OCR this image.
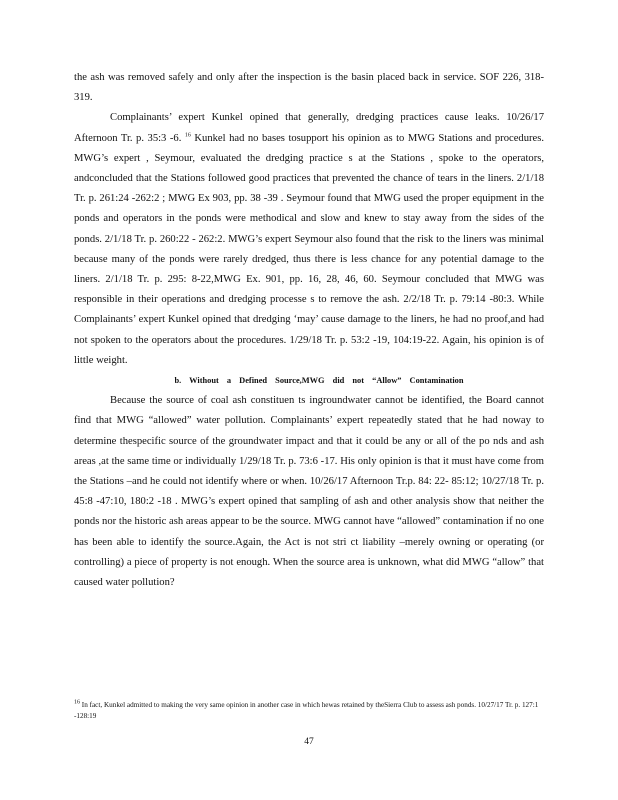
the ash was removed safely and only after the inspection is the basin placed back in service. SOF 226, 318-319.

Complainants’ expert Kunkel opined that generally, dredging practices cause leaks. 10/26/17 Afternoon Tr. p. 35:3 -6. $^{16}$ Kunkel had no bases tosupport his opinion as to MWG Stations and procedures. MWG’s expert , Seymour, evaluated the dredging practice s at the Stations , spoke to the operators, andconcluded that the Stations followed good practices that prevented the chance of tears in the liners. 2/1/18 Tr. p. 261:24 -262:2 ; MWG Ex 903, pp. 38 -39 . Seymour found that MWG used the proper equipment in the ponds and operators in the ponds were methodical and slow and knew to stay away from the sides of the ponds. 2/1/18 Tr. p. 260:22 - 262:2. MWG’s expert Seymour also found that the risk to the liners was minimal because many of the ponds were rarely dredged, thus there is less chance for any potential damage to the liners. 2/1/18 Tr. p. 295: 8-22,MWG Ex. 901, pp. 16, 28, 46, 60. Seymour concluded that MWG was responsible in their operations and dredging processe s to remove the ash. 2/2/18 Tr. p. 79:14 -80:3. While Complainants’ expert Kunkel opined that dredging ‘may’ cause damage to the liners, he had no proof,and had not spoken to the operators about the procedures. 1/29/18 Tr. p. 53:2 -19, 104:19-22. Again, his opinion is of little weight.

b. Without a Defined Source,MWG did not “Allow” Contamination

Because the source of coal ash constituen ts ingroundwater cannot be identified, the Board cannot find that MWG “allowed” water pollution. Complainants’ expert repeatedly stated that he had noway to determine thespecific source of the groundwater impact and that it could be any or all of the po nds and ash areas ,at the same time or individually 1/29/18 Tr. p. 73:6 -17. His only opinion is that it must have come from the Stations –and he could not identify where or when. 10/26/17 Afternoon Tr.p. 84: 22- 85:12; 10/27/18 Tr. p. 45:8 -47:10, 180:2 -18 . MWG’s expert opined that sampling of ash and other analysis show that neither the ponds nor the historic ash areas appear to be the source. MWG cannot have “allowed” contamination if no one has been able to identify the source.Again, the Act is not stri ct liability –merely owning or operating (or controlling) a piece of property is not enough. When the source area is unknown, what did MWG “allow” that caused water pollution?

$^{16}$ In fact, Kunkel admitted to making the very same opinion in another case in which hewas retained by theSierra Club to assess ash ponds. 10/27/17 Tr. p. 127:1 -128:19
47
